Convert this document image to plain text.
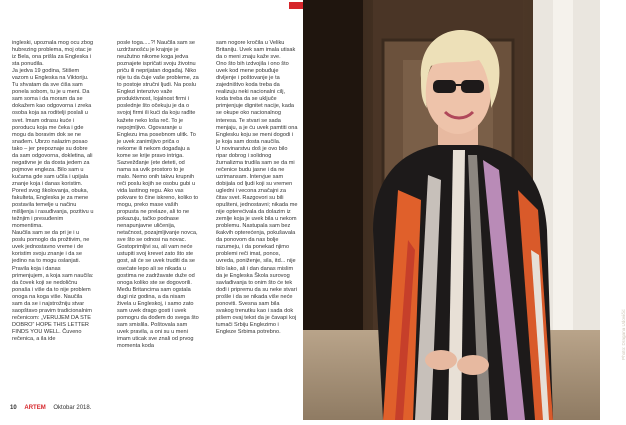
ingleski, upoznala mog ocu zbog hubrezing problema, moj otac je iz Bela, ona prišla za Engleska i sta ponudila.

Ja jedva 19 godina, Stišem vazom u Engleska na Viktoriju. Tu shvatam da sve ćiša sam ponela sobom, tu je u meni. Da sam soma i da moram da se dokažem kao odgovorna i zreka osoba koja sa roditelji poslali u svet. Imam odrasu kuće i poroducu koja me čeka i gde mogu da boravim dok se ne snađem. Ubrzo nalazim posao tako – jer prepoznaje su dobre da sam odgovorna, dokletina, ali negativne je da dosta jedem za pojmove engleza. Bilo sam u kućama gde sam učila i upijala znanje koja i danas koristim. Pored svog školovanja, obuka, fakulteta, Engleska je za mene postavila temelje u načinu mišljenja i rasuđivanja, pozitivu u težnjim i presuđenim momentima.

Naučila sam se da pri je i u poslu pomoglo da prožtivim, ne uvek jednostavno vreme i de koristim svoju znanje i da se jedino na to mogu oslanjati. Pravila koja i danas primenjujem, a koja sam naučila: da čovek koji se nedoličnu ponaša i više da to nije problem onoga na koga više. Naučila sam da se i najstrožniju stvar saopštavo pravim tradicionalnim rečenicom: „VERUJEM DA STE DOBRO“ HOPE THIS LETTER FINDS YOU WELL. Čuveno rečenica, a ila ide

posle toga.....?! Naučila sam se uzdržanošću je krajnje je neužutno nikome koga jedva poznajete ispričati svoju životnu priču ili neprijatan događaj. Niko nije tu da čuje vaše probleme, za to postoje stručni ljudi. Na poslu Englezi intenzivo važe produktivnost, lojalnost firmi i poslednje što očekuju je da o svojoj firmi ili kući da koju rađite kažete neko loša reč. To je nepojmljivo. Ogovaranje u Englezu ima posebnom ulitk. To je uvek zanimljivo priča o nekome ili nekom događaju a kome se krije pravo intriga.

Sazvežđanje (ete deteti, od nama sa uvik prostoro to je malo. Nemo onih takvu krupnih reči poslu kojih se osobu gubi u vida lastinog regu. Ako vas pokvare to čine iskreno, koliko to mogu, preko mase vaših propusta ne prelaze, ali to ne pokazuju, tačko podnase nenapunjavne uličenija, netačnost, pozajmljivanje novca, sve što se odnosi na novac. Gostoprimljivi su, ali vam neće ustupiti svoj krevet zato što ste gost, ali će se uvek truditi da se osećate lepo ali se nikada u gostima ne zadržavate duže od onoga koliko ste se dogovorili. Među Britancima sam ogstala dugi niz godina, a da nisam živela u Engleskoj, i samo zato sam uvek drago gosti i uvek pomogru da dođem do svega što sam smislila. Poštovala sam uvek pravila, a oni su u meni imam uticak sve znali od prvog momenta koda

sam nogore kročila u Veliku Britaniju. Uvek sam imala utisak da o meni znaju kaže sve.

Ono što bih izdvojila i ono što uvek kod mene pobuđuje divljenje i poštovanje je ta zajedništvo koda treba da realizuju neki nacionalni cilj, koda treba da se uključe primjenjuje dignitet nacije, kada se okupe oko nacionalnog interesa. Te stvari se sada menjaju, a je ću uvek pamtiti ona Englesku koju se meni dogodi i je koja sam dosta naučila.

U novinarstvu doš je ovo bilo ripar dobrog i solidnog žurnalizma trudila sam se da mi rečenice budu jasne i da ne uzrimansam. Intervjue sam dobijala od ljudi koji su vremen ugledni i vecona značajni za čitav svet. Razgovori su bili opušteni, jednostavni; nikada me nije opterećivala da dolazim iz zemlje koja je uvek bila u nekom problemu. Nastupala sam bez ikakvih opterećenja, pokušavala da ponovom da nas bolje razumeju, i da ponekad njimo problemi reči imat, ponos, uvreda, poniženje, sila, itd... nije bilo lako, ali i dan danas mislim da je Engleska Škola surovog savlađivanja to onim što će tek dođi i pripremu da su neke stvari prošle i da se nikada više neće ponoviti. Svesna sam bila svakog trenutku kao i sada dok pišem ovaj tekst da je čavapi koj tumači Srbiju Englezimo i Engleze Srbima potrebno.

10 ARTEM Oktobar 2018.
Photo: Dragana Udovičić
